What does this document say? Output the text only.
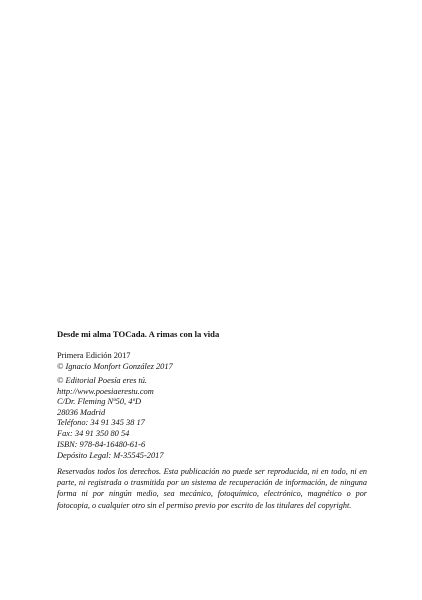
Desde mi alma TOCada. A rimas con la vida
Primera Edición 2017
© Ignacio Monfort González 2017
© Editorial Poesía eres tú.
http://www.poesiaerestu.com
C/Dr. Fleming Nº50, 4ºD
28036 Madrid
Teléfono: 34 91 345 38 17
Fax: 34 91 350 80 54
ISBN: 978-84-16480-61-6
Depósito Legal: M-35545-2017
Reservados todos los derechos. Esta publicación no puede ser reproducida, ni en todo, ni en parte, ni registrada o trasmitida por un sistema de recuperación de información, de ninguna forma ni por ningún medio, sea mecánico, fotoquímico, electrónico, magnético o por fotocopia, o cualquier otro sin el permiso previo por escrito de los titulares del copyright.
